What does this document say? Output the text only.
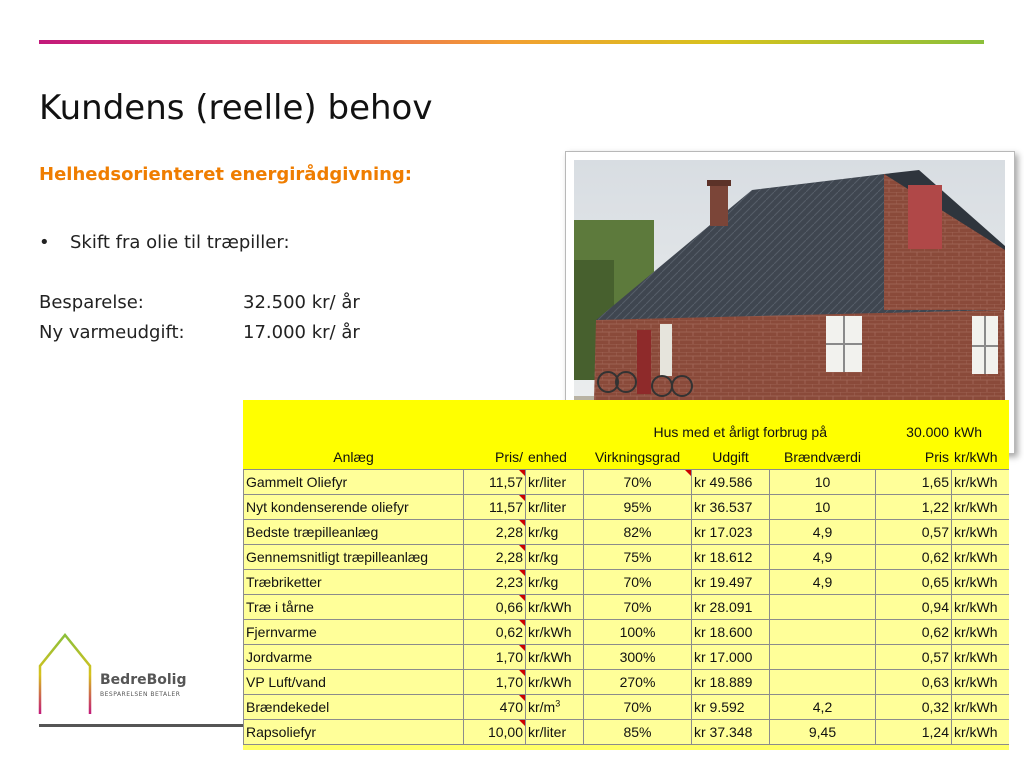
Kundens (reelle) behov
Helhedsorienteret energirådgivning:
• Skift fra olie til træpiller:
Besparelse:	32.500 kr/ år
Ny varmeudgift:	17.000 kr/ år
BedreBolig
BESPARELSEN BETALER
Hus med et årligt forbrug på						30.000	kWh
Anlæg	Pris/	enhed	Virkningsgrad	Udgift	Brændværdi	Pris	kr/kWh
Gammelt Oliefyr	11,57	kr/liter	70%	kr 49.586	10	1,65	kr/kWh
Nyt kondenserende oliefyr	11,57	kr/liter	95%	kr 36.537	10	1,22	kr/kWh
Bedste træpilleanlæg	2,28	kr/kg	82%	kr 17.023	4,9	0,57	kr/kWh
Gennemsnitligt træpilleanlæg	2,28	kr/kg	75%	kr 18.612	4,9	0,62	kr/kWh
Træbriketter	2,23	kr/kg	70%	kr 19.497	4,9	0,65	kr/kWh
Træ i tårne	0,66	kr/kWh	70%	kr 28.091		0,94	kr/kWh
Fjernvarme	0,62	kr/kWh	100%	kr 18.600		0,62	kr/kWh
Jordvarme	1,70	kr/kWh	300%	kr 17.000		0,57	kr/kWh
VP Luft/vand	1,70	kr/kWh	270%	kr 18.889		0,63	kr/kWh
Brændekedel	470	$kr/m^3$	70%	kr 9.592	4,2	0,32	kr/kWh
Rapsoliefyr	10,00	kr/liter	85%	kr 37.348	9,45	1,24	kr/kWh
